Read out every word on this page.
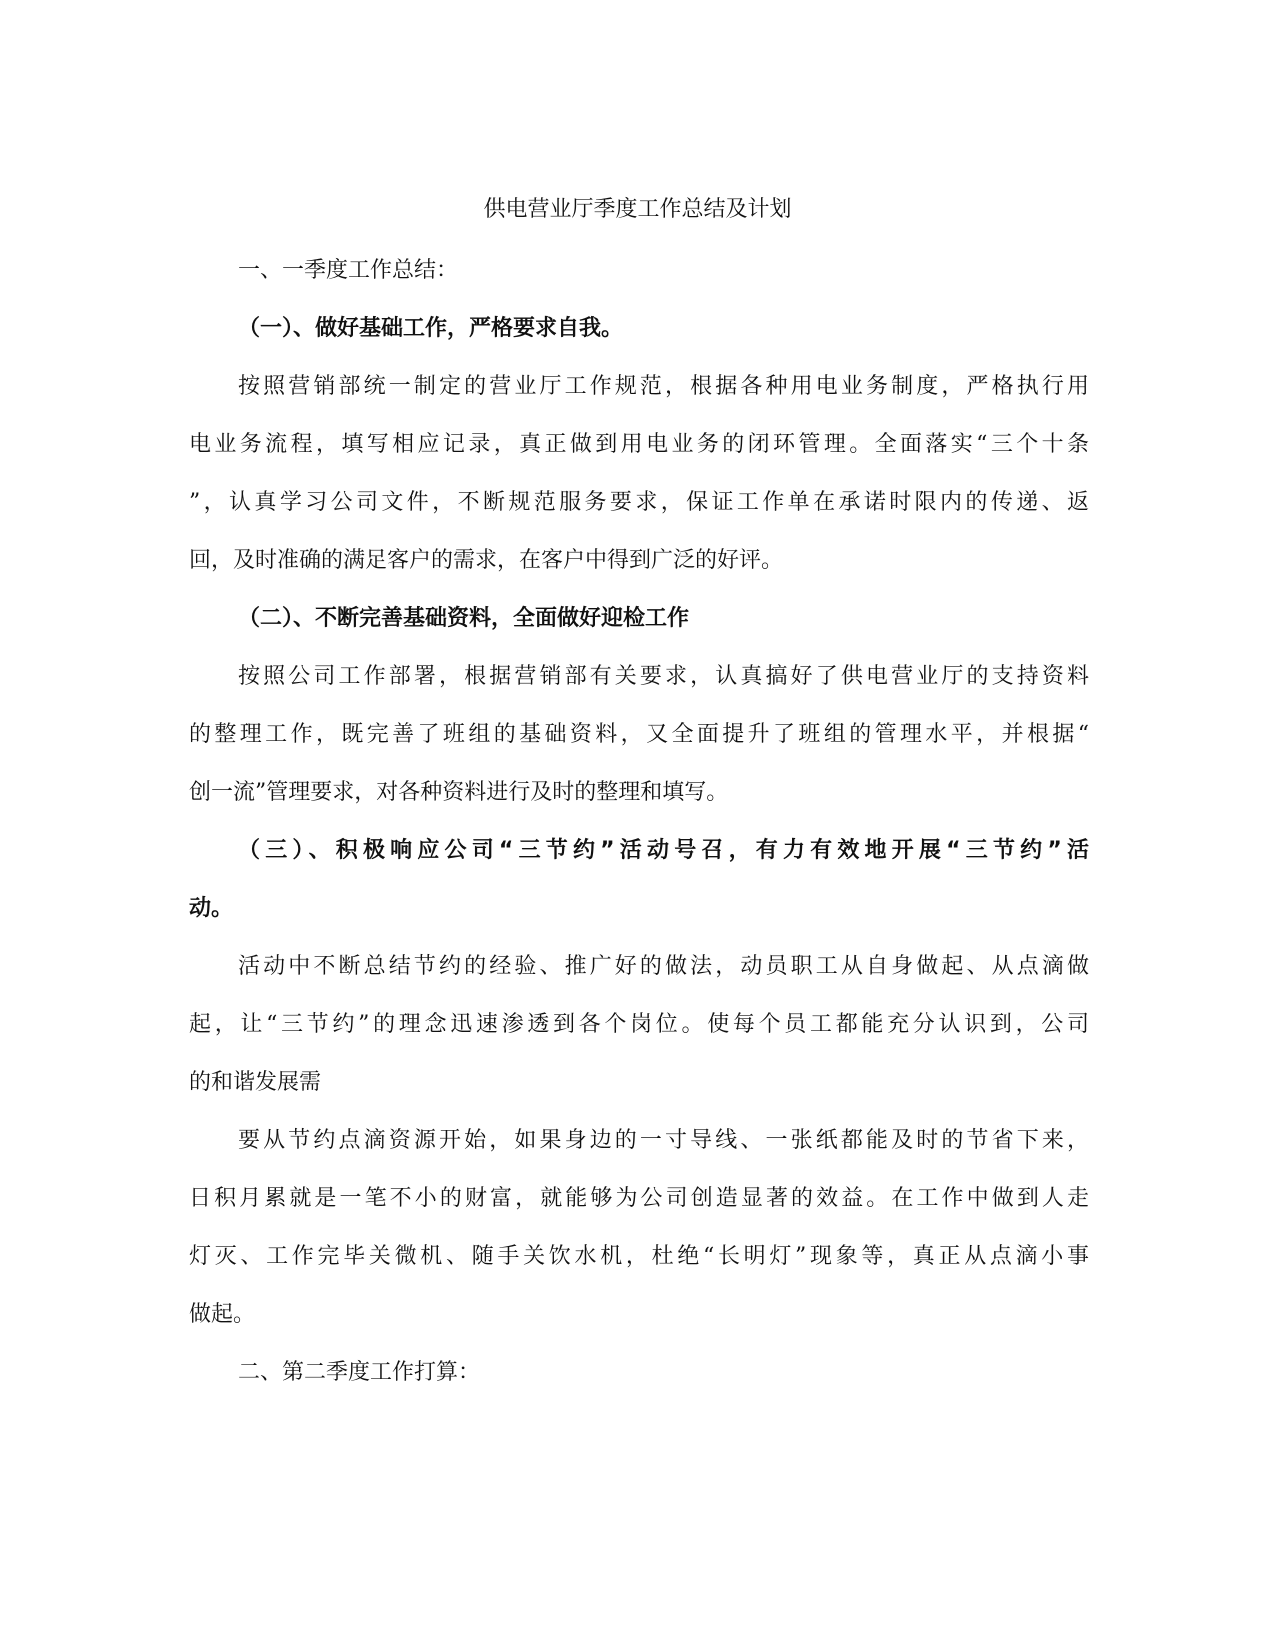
供电营业厅季度工作总结及计划
一、一季度工作总结：
（一）、做好基础工作，严格要求自我。
按照营销部统一制定的营业厅工作规范，根据各种用电业务制度，严格执行用
电业务流程，填写相应记录，真正做到用电业务的闭环管理。全面落实“三个十条
”，认真学习公司文件，不断规范服务要求，保证工作单在承诺时限内的传递、返
回，及时准确的满足客户的需求，在客户中得到广泛的好评。
（二）、不断完善基础资料，全面做好迎检工作
按照公司工作部署，根据营销部有关要求，认真搞好了供电营业厅的支持资料
的整理工作，既完善了班组的基础资料，又全面提升了班组的管理水平，并根据“
创一流”管理要求，对各种资料进行及时的整理和填写。
（三）、积极响应公司“三节约”活动号召，有力有效地开展“三节约”活
动。
活动中不断总结节约的经验、推广好的做法，动员职工从自身做起、从点滴做
起，让“三节约”的理念迅速渗透到各个岗位。使每个员工都能充分认识到，公司
的和谐发展需
要从节约点滴资源开始，如果身边的一寸导线、一张纸都能及时的节省下来，
日积月累就是一笔不小的财富，就能够为公司创造显著的效益。在工作中做到人走
灯灭、工作完毕关微机、随手关饮水机，杜绝“长明灯”现象等，真正从点滴小事
做起。
二、第二季度工作打算：
